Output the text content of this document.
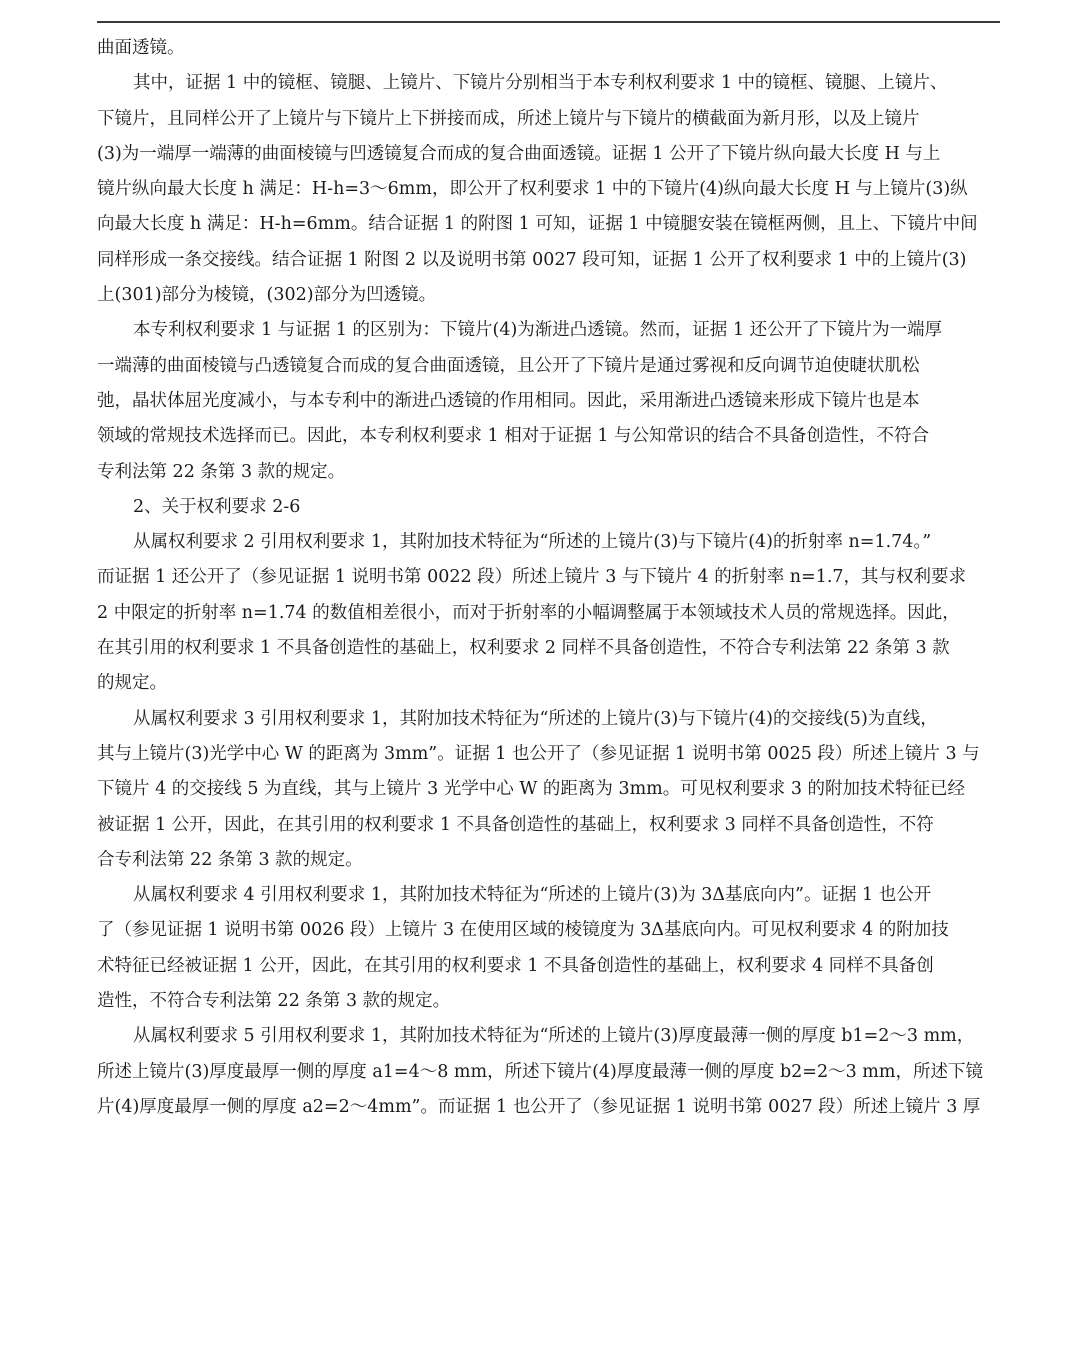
曲面透镜。
其中，证据 1 中的镜框、镜腿、上镜片、下镜片分别相当于本专利权利要求 1 中的镜框、镜腿、上镜片、
下镜片，且同样公开了上镜片与下镜片上下拼接而成，所述上镜片与下镜片的横截面为新月形，以及上镜片
(3)为一端厚一端薄的曲面棱镜与凹透镜复合而成的复合曲面透镜。证据 1 公开了下镜片纵向最大长度 H 与上
镜片纵向最大长度 h 满足：H-h=3～6mm，即公开了权利要求 1 中的下镜片(4)纵向最大长度 H 与上镜片(3)纵
向最大长度 h 满足：H-h=6mm。结合证据 1 的附图 1 可知，证据 1 中镜腿安装在镜框两侧，且上、下镜片中间
同样形成一条交接线。结合证据 1 附图 2 以及说明书第 0027 段可知，证据 1 公开了权利要求 1 中的上镜片(3)
上(301)部分为棱镜，(302)部分为凹透镜。
本专利权利要求 1 与证据 1 的区别为：下镜片(4)为渐进凸透镜。然而，证据 1 还公开了下镜片为一端厚
一端薄的曲面棱镜与凸透镜复合而成的复合曲面透镜，且公开了下镜片是通过雾视和反向调节迫使睫状肌松
弛，晶状体屈光度减小，与本专利中的渐进凸透镜的作用相同。因此，采用渐进凸透镜来形成下镜片也是本
领域的常规技术选择而已。因此，本专利权利要求 1 相对于证据 1 与公知常识的结合不具备创造性，不符合
专利法第 22 条第 3 款的规定。
2、关于权利要求 2-6
从属权利要求 2 引用权利要求 1，其附加技术特征为“所述的上镜片(3)与下镜片(4)的折射率 n=1.74。”
而证据 1 还公开了（参见证据 1 说明书第 0022 段）所述上镜片 3 与下镜片 4 的折射率 n=1.7，其与权利要求
2 中限定的折射率 n=1.74 的数值相差很小，而对于折射率的小幅调整属于本领域技术人员的常规选择。因此，
在其引用的权利要求 1 不具备创造性的基础上，权利要求 2 同样不具备创造性，不符合专利法第 22 条第 3 款
的规定。
从属权利要求 3 引用权利要求 1，其附加技术特征为“所述的上镜片(3)与下镜片(4)的交接线(5)为直线，
其与上镜片(3)光学中心 W 的距离为 3mm”。证据 1 也公开了（参见证据 1 说明书第 0025 段）所述上镜片 3 与
下镜片 4 的交接线 5 为直线，其与上镜片 3 光学中心 W 的距离为 3mm。可见权利要求 3 的附加技术特征已经
被证据 1 公开，因此，在其引用的权利要求 1 不具备创造性的基础上，权利要求 3 同样不具备创造性，不符
合专利法第 22 条第 3 款的规定。
从属权利要求 4 引用权利要求 1，其附加技术特征为“所述的上镜片(3)为 3Δ基底向内”。证据 1 也公开
了（参见证据 1 说明书第 0026 段）上镜片 3 在使用区域的棱镜度为 3Δ基底向内。可见权利要求 4 的附加技
术特征已经被证据 1 公开，因此，在其引用的权利要求 1 不具备创造性的基础上，权利要求 4 同样不具备创
造性，不符合专利法第 22 条第 3 款的规定。
从属权利要求 5 引用权利要求 1，其附加技术特征为“所述的上镜片(3)厚度最薄一侧的厚度 b1=2～3 mm，
所述上镜片(3)厚度最厚一侧的厚度 a1=4～8 mm，所述下镜片(4)厚度最薄一侧的厚度 b2=2～3 mm，所述下镜
片(4)厚度最厚一侧的厚度 a2=2～4mm”。而证据 1 也公开了（参见证据 1 说明书第 0027 段）所述上镜片 3 厚
